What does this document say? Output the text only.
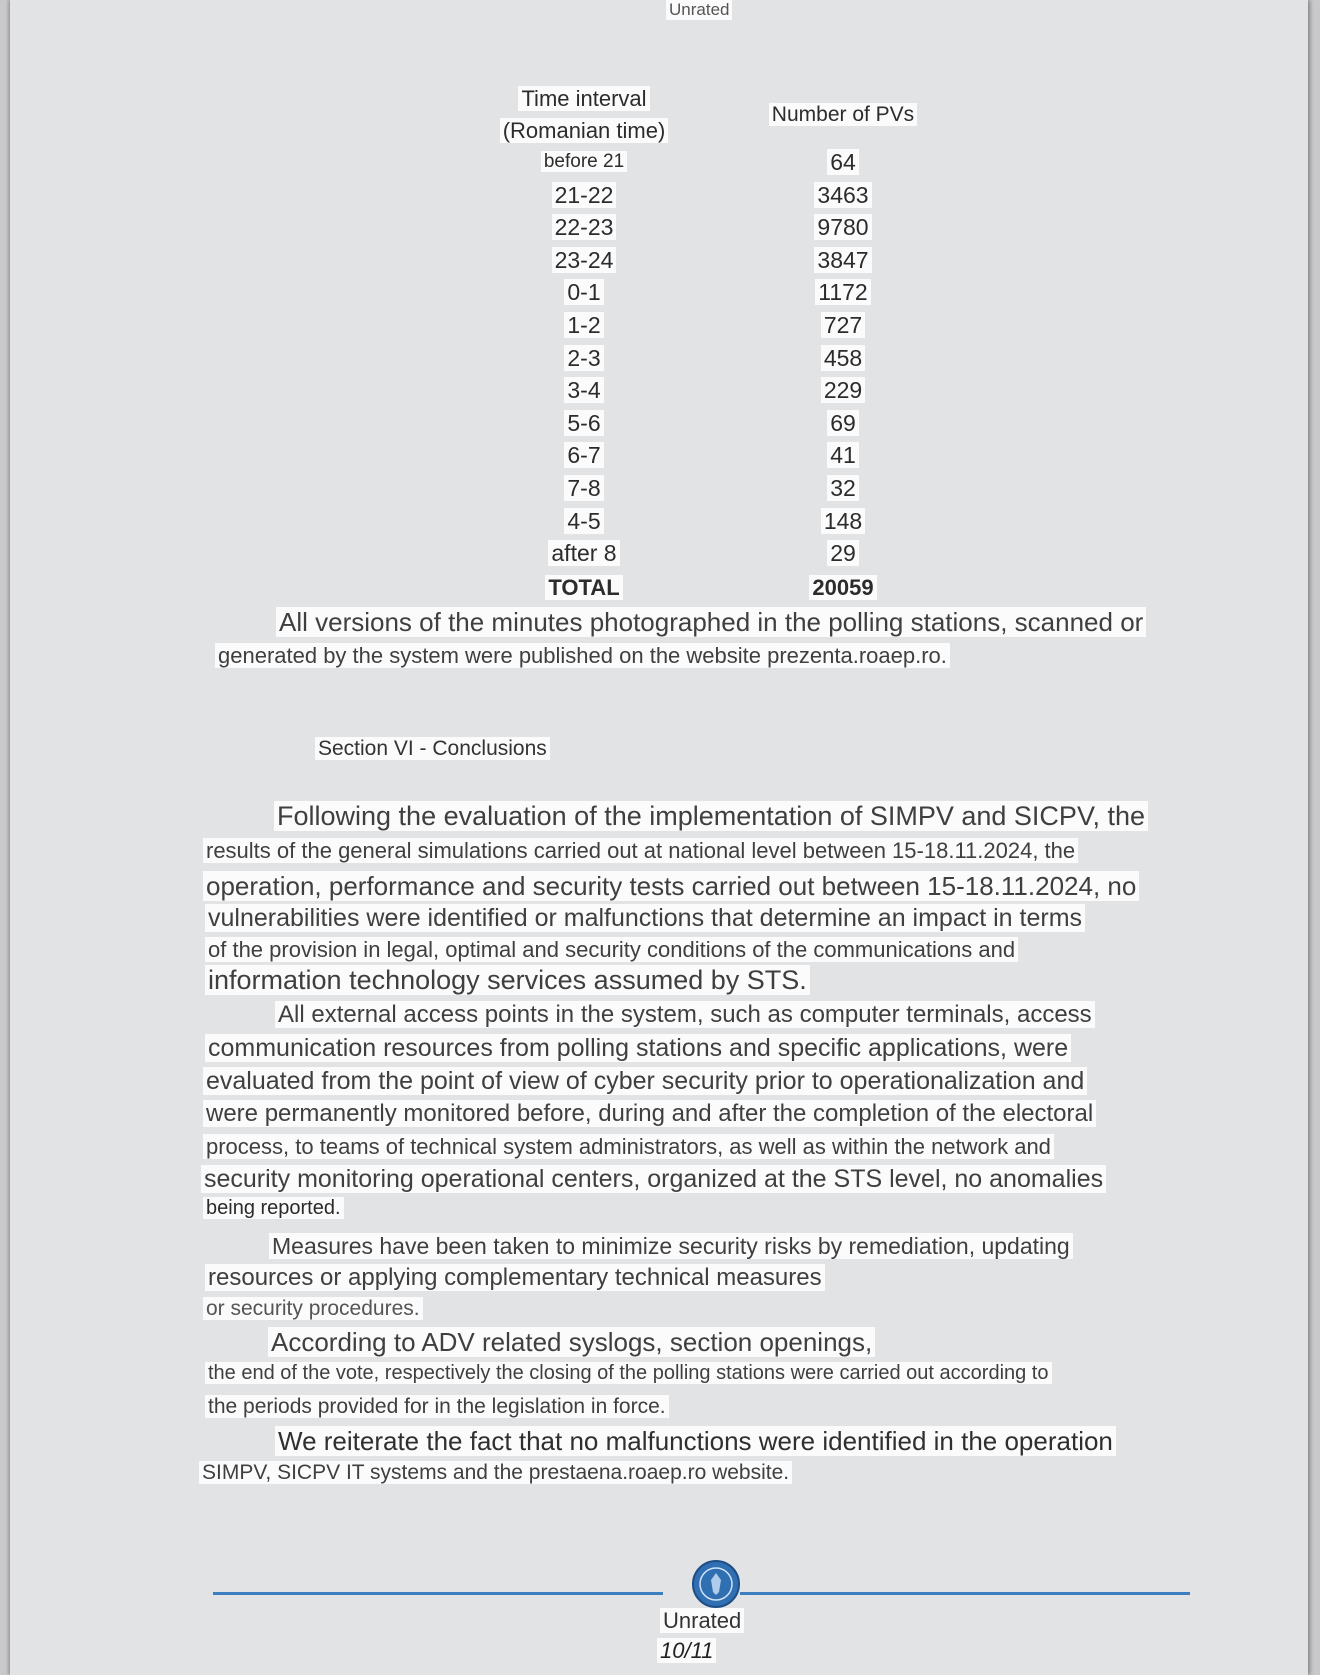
Unrated
Time interval
(Romanian time)
Number of PVs
before 21	64
21-22	3463
22-23	9780
23-24	3847
0-1	1172
1-2	727
2-3	458
3-4	229
5-6	69
6-7	41
7-8	32
4-5	148
after 8	29
TOTAL	20059
All versions of the minutes photographed in the polling stations, scanned or
generated by the system were published on the website prezenta.roaep.ro.
Section VI - Conclusions
Following the evaluation of the implementation of SIMPV and SICPV, the
results of the general simulations carried out at national level between 15-18.11.2024, the
operation, performance and security tests carried out between 15-18.11.2024, no
vulnerabilities were identified or malfunctions that determine an impact in terms
of the provision in legal, optimal and security conditions of the communications and
information technology services assumed by STS.
All external access points in the system, such as computer terminals, access
communication resources from polling stations and specific applications, were
evaluated from the point of view of cyber security prior to operationalization and
were permanently monitored before, during and after the completion of the electoral
process, to teams of technical system administrators, as well as within the network and
security monitoring operational centers, organized at the STS level, no anomalies
being reported.
Measures have been taken to minimize security risks by remediation, updating
resources or applying complementary technical measures
or security procedures.
According to ADV related syslogs, section openings,
the end of the vote, respectively the closing of the polling stations were carried out according to
the periods provided for in the legislation in force.
We reiterate the fact that no malfunctions were identified in the operation
SIMPV, SICPV IT systems and the prestaena.roaep.ro website.
Unrated
10/11
